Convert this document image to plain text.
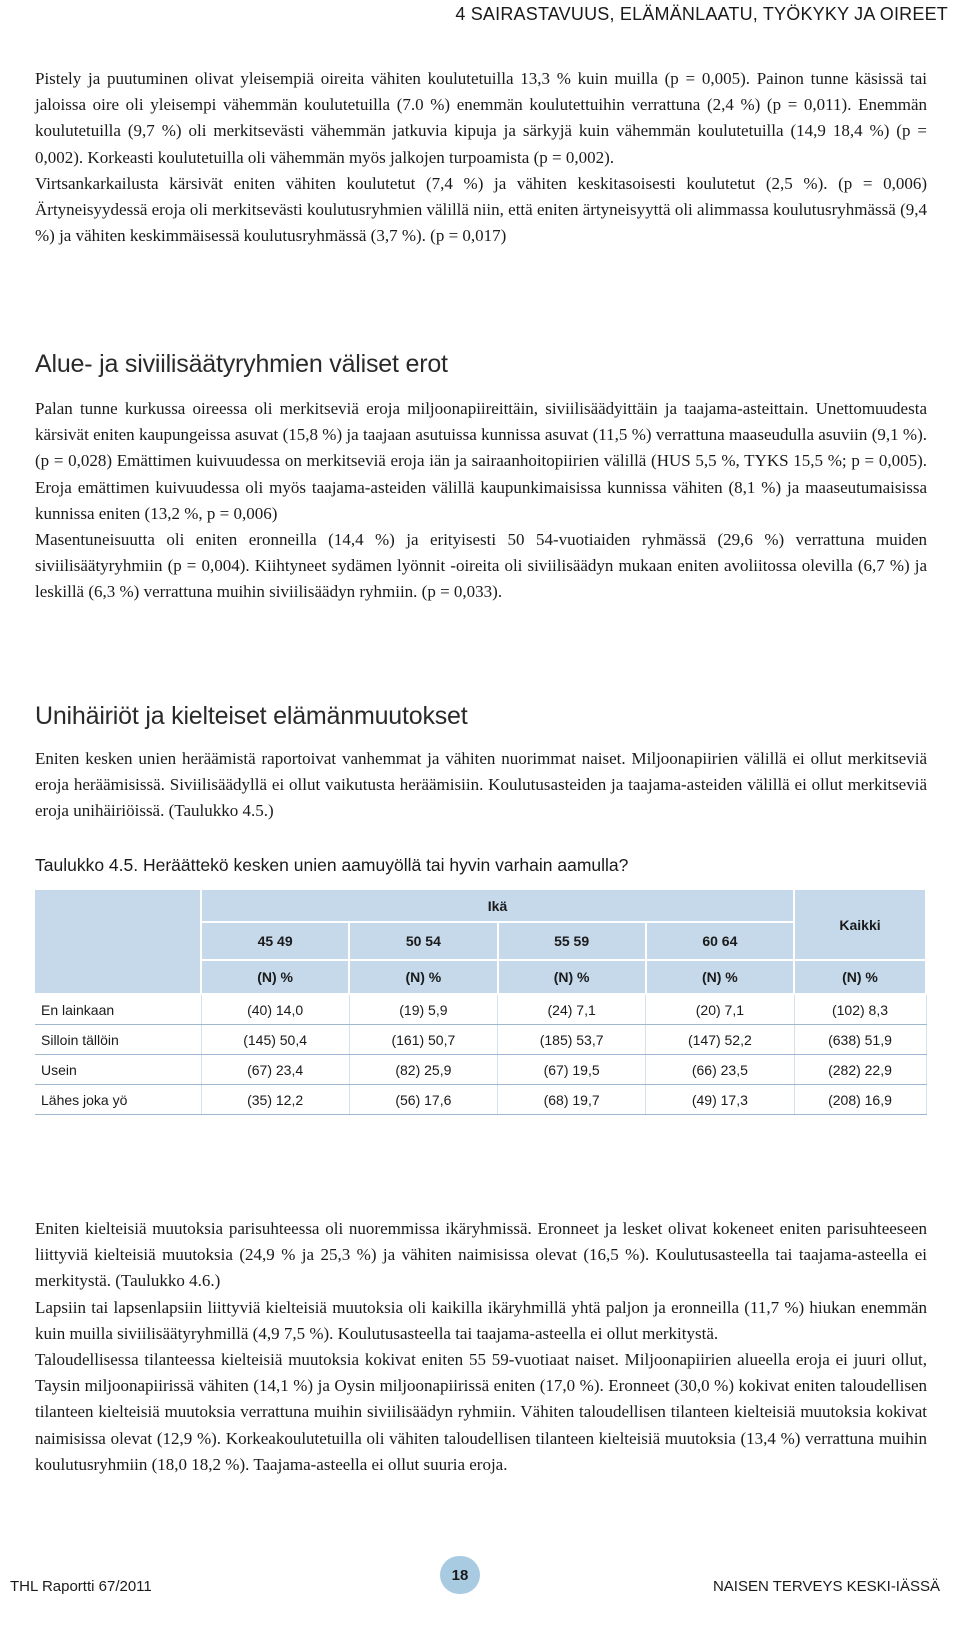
4 SAIRASTAVUUS, ELÄMÄNLAATU, TYÖKYKY JA OIREET

Pistely ja puutuminen olivat yleisempiä oireita vähiten koulutetuilla 13,3 % kuin muilla (p = 0,005). Painon tunne käsissä tai jaloissa oire oli yleisempi vähemmän koulutetuilla (7.0 %) enemmän koulutettuihin verrattuna (2,4 %) (p = 0,011). Enemmän koulutetuilla (9,7 %) oli merkitsevästi vähemmän jatkuvia kipuja ja särkyjä kuin vähemmän koulutetuilla (14,9 18,4 %) (p = 0,002). Korkeasti koulutetuilla oli vähemmän myös jalkojen turpoamista (p = 0,002).

Virtsankarkailusta kärsivät eniten vähiten koulutetut (7,4 %) ja vähiten keskitasoisesti koulutetut (2,5 %). (p = 0,006) Ärtyneisyydessä eroja oli merkitsevästi koulutusryhmien välillä niin, että eniten ärtyneisyyttä oli alimmassa koulutusryhmässä (9,4 %) ja vähiten keskimmäisessä koulutusryhmässä (3,7 %). (p = 0,017)

Alue- ja siviilisäätyryhmien väliset erot

Palan tunne kurkussa oireessa oli merkitseviä eroja miljoonapiireittäin, siviilisäädyittäin ja taajama-asteittain. Unettomuudesta kärsivät eniten kaupungeissa asuvat (15,8 %) ja taajaan asutuissa kunnissa asuvat (11,5 %) verrattuna maaseudulla asuviin (9,1 %). (p = 0,028) Emättimen kuivuudessa on merkitseviä eroja iän ja sairaanhoitopiirien välillä (HUS 5,5 %, TYKS 15,5 %; p = 0,005). Eroja emättimen kuivuudessa oli myös taajama-asteiden välillä kaupunkimaisissa kunnissa vähiten (8,1 %) ja maaseutumaisissa kunnissa eniten (13,2 %, p = 0,006)

Masentuneisuutta oli eniten eronneilla (14,4 %) ja erityisesti 50 54-vuotiaiden ryhmässä (29,6 %) verrattuna muiden siviilisäätyryhmiin (p = 0,004). Kiihtyneet sydämen lyönnit -oireita oli siviilisäädyn mukaan eniten avoliitossa olevilla (6,7 %) ja leskillä (6,3 %) verrattuna muihin siviilisäädyn ryhmiin. (p = 0,033).

Unihäiriöt ja kielteiset elämänmuutokset

Eniten kesken unien heräämistä raportoivat vanhemmat ja vähiten nuorimmat naiset. Miljoonapiirien välillä ei ollut merkitseviä eroja heräämisissä. Siviilisäädyllä ei ollut vaikutusta heräämisiin. Koulutusasteiden ja taajama-asteiden välillä ei ollut merkitseviä eroja unihäiriöissä. (Taulukko 4.5.)

Taulukko 4.5. Heräättekö kesken unien aamuyöllä tai hyvin varhain aamulla?

	Ikä				Kaikki
	45 49	50 54	55 59	60 64	
	(N) %	(N) %	(N) %	(N) %	(N) %
En lainkaan	(40) 14,0	(19) 5,9	(24) 7,1	(20) 7,1	(102) 8,3
Silloin tällöin	(145) 50,4	(161) 50,7	(185) 53,7	(147) 52,2	(638) 51,9
Usein	(67) 23,4	(82) 25,9	(67) 19,5	(66) 23,5	(282) 22,9
Lähes joka yö	(35) 12,2	(56) 17,6	(68) 19,7	(49) 17,3	(208) 16,9

Eniten kielteisiä muutoksia parisuhteessa oli nuoremmissa ikäryhmissä. Eronneet ja lesket olivat kokeneet eniten parisuhteeseen liittyviä kielteisiä muutoksia (24,9 % ja 25,3 %) ja vähiten naimisissa olevat (16,5 %). Koulutusasteella tai taajama-asteella ei merkitystä. (Taulukko 4.6.)

Lapsiin tai lapsenlapsiin liittyviä kielteisiä muutoksia oli kaikilla ikäryhmillä yhtä paljon ja eronneilla (11,7 %) hiukan enemmän kuin muilla siviilisäätyryhmillä (4,9 7,5 %). Koulutusasteella tai taajama-asteella ei ollut merkitystä.

Taloudellisessa tilanteessa kielteisiä muutoksia kokivat eniten 55 59-vuotiaat naiset. Miljoonapiirien alueella eroja ei juuri ollut, Taysin miljoonapiirissä vähiten (14,1 %) ja Oysin miljoonapiirissä eniten (17,0 %). Eronneet (30,0 %) kokivat eniten taloudellisen tilanteen kielteisiä muutoksia verrattuna muihin siviilisäädyn ryhmiin. Vähiten taloudellisen tilanteen kielteisiä muutoksia kokivat naimisissa olevat (12,9 %). Korkeakoulutetuilla oli vähiten taloudellisen tilanteen kielteisiä muutoksia (13,4 %) verrattuna muihin koulutusryhmiin (18,0 18,2 %). Taajama-asteella ei ollut suuria eroja.

THL Raportti 67/2011
18
NAISEN TERVEYS KESKI-IÄSSÄ
